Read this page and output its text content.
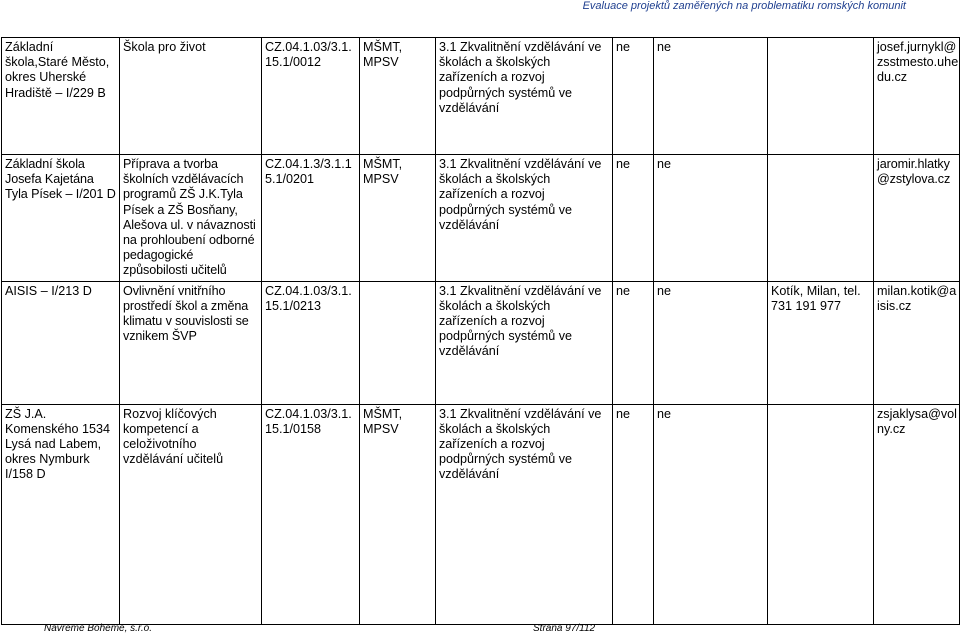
Evaluace projektů zaměřených na problematiku romských komunit
Základní škola,Staré Město, okres Uherské Hradiště – I/229 B	Škola pro život	CZ.04.1.03/3.1. 15.1/0012	MŠMT, MPSV	3.1 Zkvalitnění vzdělávání ve školách a školských zařízeních a rozvoj podpůrných systémů ve vzdělávání	ne	ne		josef.jurnykl@ zsstmesto.uhe du.cz
Základní škola Josefa Kajetána Tyla Písek – I/201 D	Příprava a tvorba školních vzdělávacích programů ZŠ J.K.Tyla Písek a ZŠ Bosňany, Alešova ul. v návaznosti na prohloubení odborné pedagogické způsobilosti učitelů	CZ.04.1.3/3.1.1 5.1/0201	MŠMT, MPSV	3.1 Zkvalitnění vzdělávání ve školách a školských zařízeních a rozvoj podpůrných systémů ve vzdělávání	ne	ne		jaromir.hlatky @zstylova.cz
AISIS – I/213 D	Ovlivnění vnitřního prostředí škol a změna klimatu v souvislosti se vznikem ŠVP	CZ.04.1.03/3.1. 15.1/0213		3.1 Zkvalitnění vzdělávání ve školách a školských zařízeních a rozvoj podpůrných systémů ve vzdělávání	ne	ne	Kotík, Milan, tel. 731 191 977	milan.kotik@a isis.cz
ZŠ J.A. Komenského 1534 Lysá nad Labem, okres Nymburk I/158 D	Rozvoj klíčových kompetencí a celoživotního vzdělávání učitelů	CZ.04.1.03/3.1. 15.1/0158	MŠMT, MPSV	3.1 Zkvalitnění vzdělávání ve školách a školských zařízeních a rozvoj podpůrných systémů ve vzdělávání	ne	ne		zsjaklysa@vol ny.cz
Navreme Boheme, s.r.o.	Strana 97/112
